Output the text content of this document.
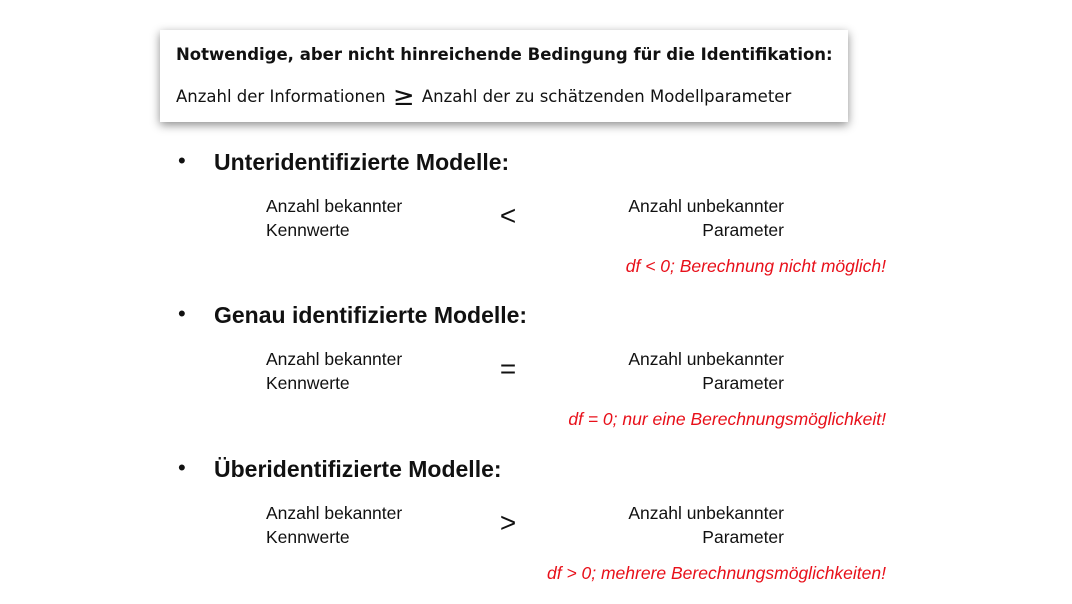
Notwendige, aber nicht hinreichende Bedingung für die Identifikation:
Anzahl der Informationen ≥ Anzahl der zu schätzenden Modellparameter
• Unteridentifizierte Modelle:
Anzahl bekannter
Kennwerte	<	Anzahl unbekannter
Parameter
df < 0; Berechnung nicht möglich!
• Genau identifizierte Modelle:
Anzahl bekannter
Kennwerte	=	Anzahl unbekannter
Parameter
df = 0; nur eine Berechnungsmöglichkeit!
• Überidentifizierte Modelle:
Anzahl bekannter
Kennwerte	>	Anzahl unbekannter
Parameter
df > 0; mehrere Berechnungsmöglichkeiten!
